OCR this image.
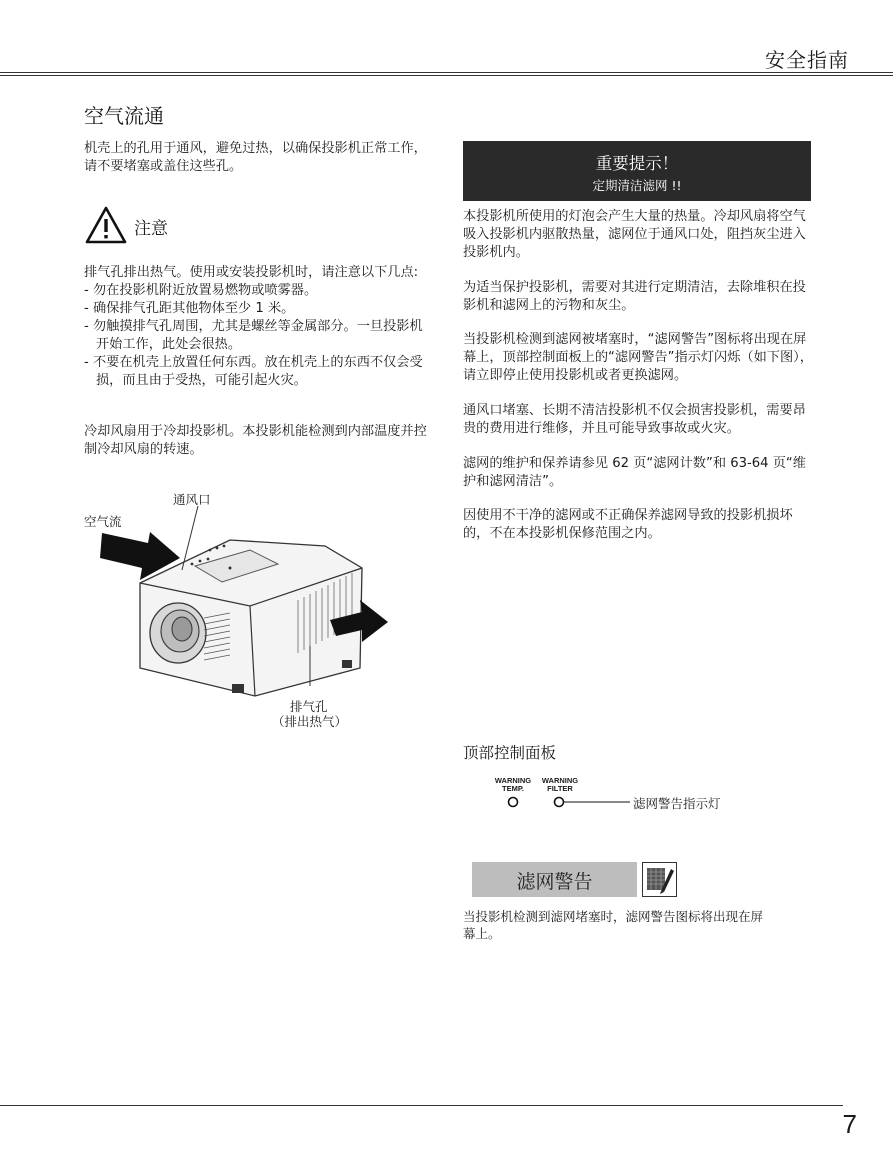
安全指南
空气流通

机壳上的孔用于通风，避免过热，以确保投影机正常工作，请不要堵塞或盖住这些孔。

注意
排气孔排出热气。使用或安装投影机时，请注意以下几点:
- 勿在投影机附近放置易燃物或喷雾器。
- 确保排气孔距其他物体至少 1 米。
- 勿触摸排气孔周围，尤其是螺丝等金属部分。一旦投影机开始工作，此处会很热。
- 不要在机壳上放置任何东西。放在机壳上的东西不仅会受损，而且由于受热，可能引起火灾。

冷却风扇用于冷却投影机。本投影机能检测到内部温度并控制冷却风扇的转速。

通风口
空气流
排气孔
（排出热气）
重要提示！
定期清洁滤网 !!

本投影机所使用的灯泡会产生大量的热量。冷却风扇将空气吸入投影机内驱散热量，滤网位于通风口处，阻挡灰尘进入投影机内。

为适当保护投影机，需要对其进行定期清洁，去除堆积在投影机和滤网上的污物和灰尘。

当投影机检测到滤网被堵塞时，“滤网警告”图标将出现在屏幕上，顶部控制面板上的“滤网警告”指示灯闪烁（如下图），请立即停止使用投影机或者更换滤网。

通风口堵塞、长期不清洁投影机不仅会损害投影机，需要昂贵的费用进行维修，并且可能导致事故或火灾。

滤网的维护和保养请参见 62 页“滤网计数”和 63-64 页“维护和滤网清洁”。

因使用不干净的滤网或不正确保养滤网导致的投影机损坏的，不在本投影机保修范围之内。

顶部控制面板
WARNING
TEMP.
WARNING
FILTER
滤网警告指示灯
滤网警告
当投影机检测到滤网堵塞时，滤网警告图标将出现在屏幕上。
7
